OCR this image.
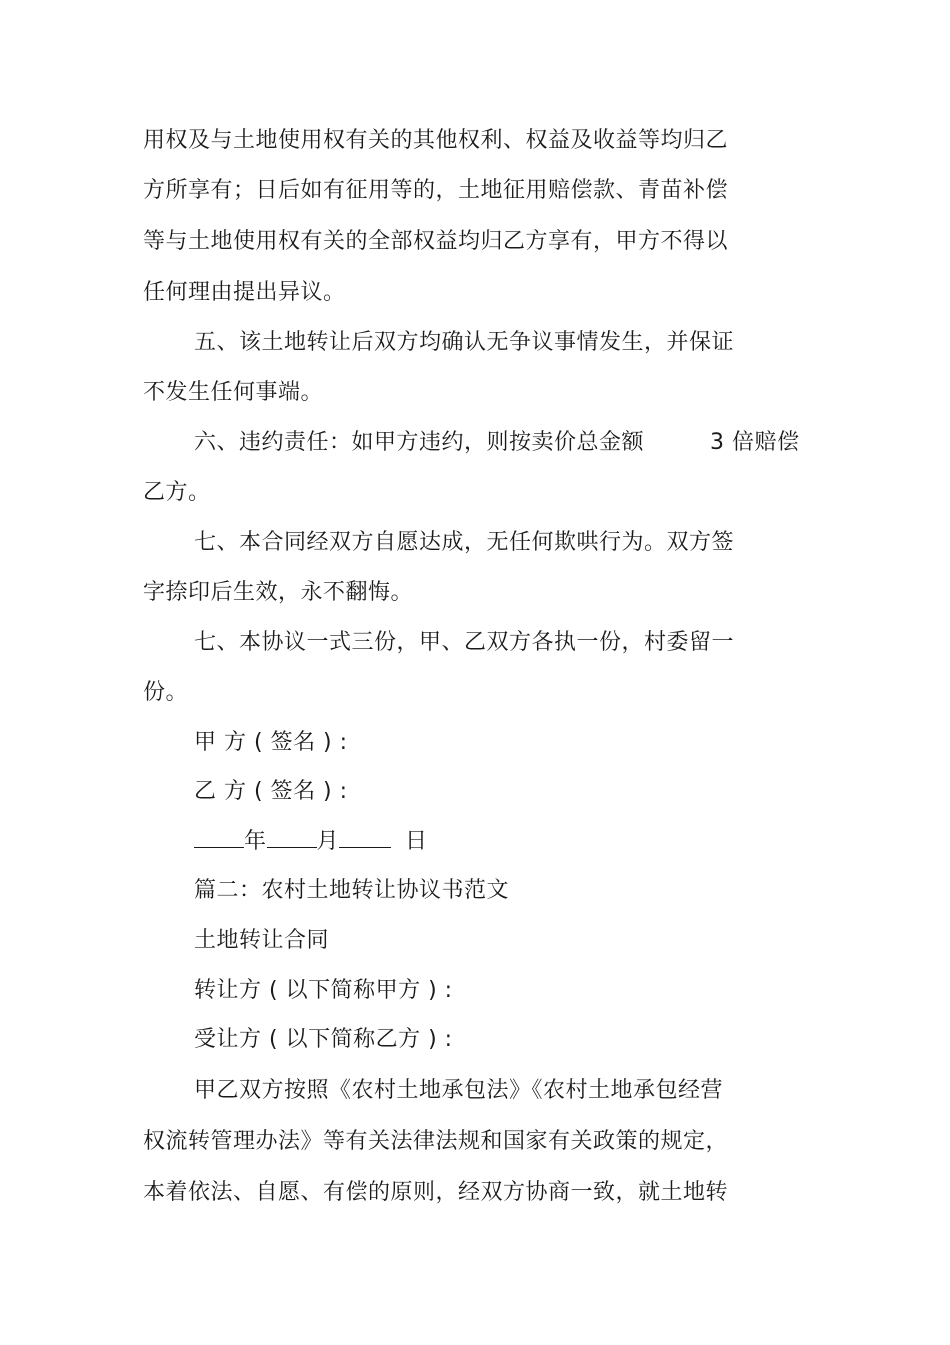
用权及与土地使用权有关的其他权利、权益及收益等均归乙
方所享有；日后如有征用等的，土地征用赔偿款、青苗补偿
等与土地使用权有关的全部权益均归乙方享有，甲方不得以
任何理由提出异议。
五、该土地转让后双方均确认无争议事情发生，并保证
不发生任何事端。
六、违约责任：如甲方违约，则按卖价总金额	3 倍赔偿
乙方。
七、本合同经双方自愿达成，无任何欺哄行为。双方签
字捺印后生效，永不翻悔。
七、本协议一式三份，甲、乙双方各执一份，村委留一
份。
甲 方 ( 签名 ) :
乙 方 ( 签名 ) :
年 月	日
篇二：农村土地转让协议书范文
土地转让合同
转让方 ( 以下简称甲方 ) :
受让方 ( 以下简称乙方 ) :
甲乙双方按照《农村土地承包法》《农村土地承包经营
权流转管理办法》等有关法律法规和国家有关政策的规定，
本着依法、自愿、有偿的原则，经双方协商一致，就土地转
